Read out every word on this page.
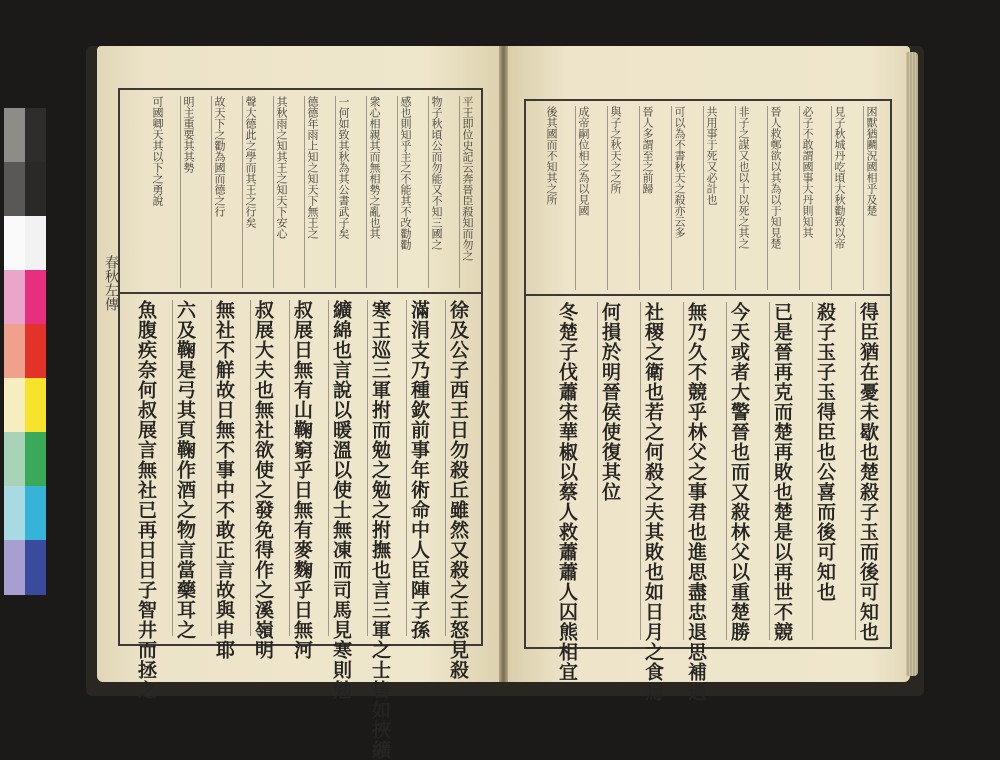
春秋左傳
平王即位史記云奔晉臣殺知而勿之
物子秋頃公而勿能又不知三國之
感也則知乎主之不能其不改勸勸
衆心相親其而無相勢之亂也其
一何如致其秋為其公書武子矣
德德年雨上知之知天下無王之
其秋雨之知其王之知天下安心
聲大德此之學而其王之行矣
故天下之勸為國而德之行
明主重要其其勢
可國卿天其以下之勇說
徐及公子西王日勿殺丘雖然又殺之王怒見殺
滿涓支乃種欽前事年術命中人臣陣子孫
寒王巡三軍拊而勉之勉之拊撫也言三軍之士皆如挾纊
纊綿也言說以暖溫以使士無凍而司馬見寒則勉
叔展日無有山鞠窮乎日無有麥麴乎日無河
叔展大夫也無社欲使之發免得作之溪嶺明
無社不觧故日無不事中不敢正言故與申耶
六及鞠是弓其頁鞠作酒之物言當藥耳之
魚腹疾奈何叔展言無社已再日日子智井而拯之
困獸猶鬬況國相乎及楚
見子秋城丹吃頃大秋勸致以帝
必子不敢謂國事大丹則知其
晉人救鄭欲以其為以于知見楚
非子之謀又也以十以死之其之
共用事于死又必計也
可以為不書秋天之殺亦云多
晉人多謂至之前歸
與子之秋天之之所
成帝嗣位相之為以見國
後其國而不知其之所
得臣猶在憂未歇也楚殺子玉而後可知也
殺子玉子玉得臣也公喜而後可知也
已是晉再克而楚再敗也楚是以再世不競
今天或者大警晉也而又殺林父以重楚勝
無乃久不競乎林父之事君也進思盡忠退思補過
社稷之衛也若之何殺之夫其敗也如日月之食焉
何損於明晉侯使復其位
冬楚子伐蕭宋華椒以蔡人救蕭蕭人囚熊相宜
